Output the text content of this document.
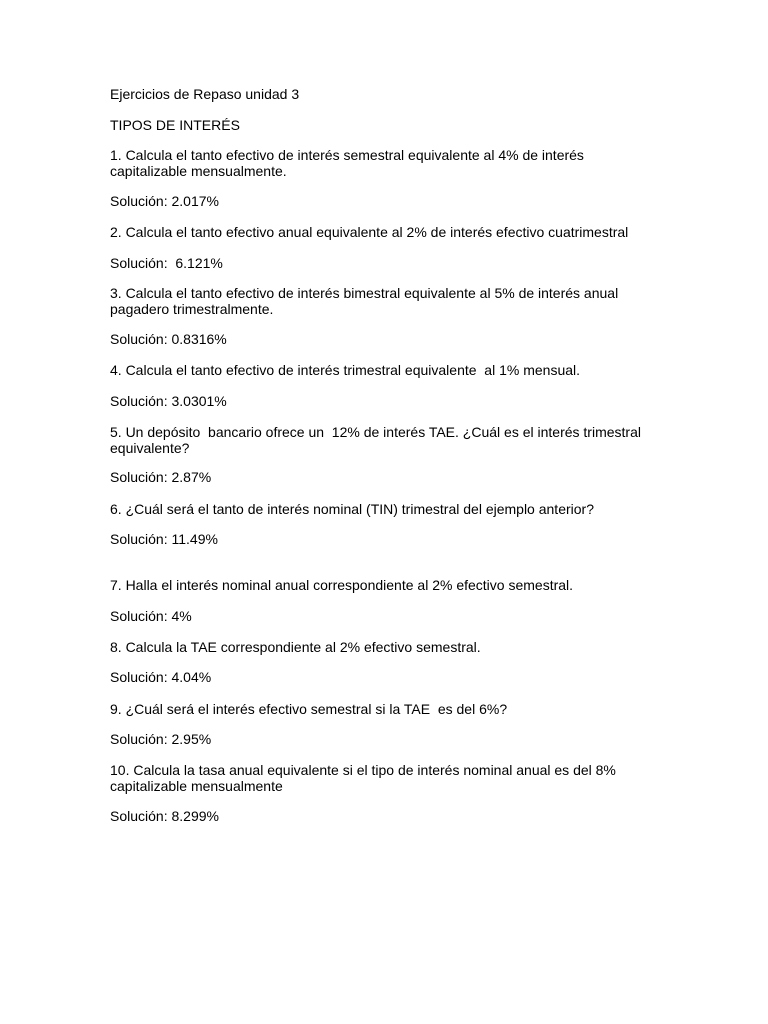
Ejercicios de Repaso unidad 3

TIPOS DE INTERÉS

1. Calcula el tanto efectivo de interés semestral equivalente al 4% de interés
capitalizable mensualmente.

Solución: 2.017%

2. Calcula el tanto efectivo anual equivalente al 2% de interés efectivo cuatrimestral

Solución:  6.121%

3. Calcula el tanto efectivo de interés bimestral equivalente al 5% de interés anual
pagadero trimestralmente.

Solución: 0.8316%

4. Calcula el tanto efectivo de interés trimestral equivalente  al 1% mensual.

Solución: 3.0301%

5. Un depósito  bancario ofrece un  12% de interés TAE. ¿Cuál es el interés trimestral
equivalente?

Solución: 2.87%

6. ¿Cuál será el tanto de interés nominal (TIN) trimestral del ejemplo anterior?

Solución: 11.49%

7. Halla el interés nominal anual correspondiente al 2% efectivo semestral.

Solución: 4%

8. Calcula la TAE correspondiente al 2% efectivo semestral.

Solución: 4.04%

9. ¿Cuál será el interés efectivo semestral si la TAE  es del 6%?

Solución: 2.95%

10. Calcula la tasa anual equivalente si el tipo de interés nominal anual es del 8%
capitalizable mensualmente

Solución: 8.299%
